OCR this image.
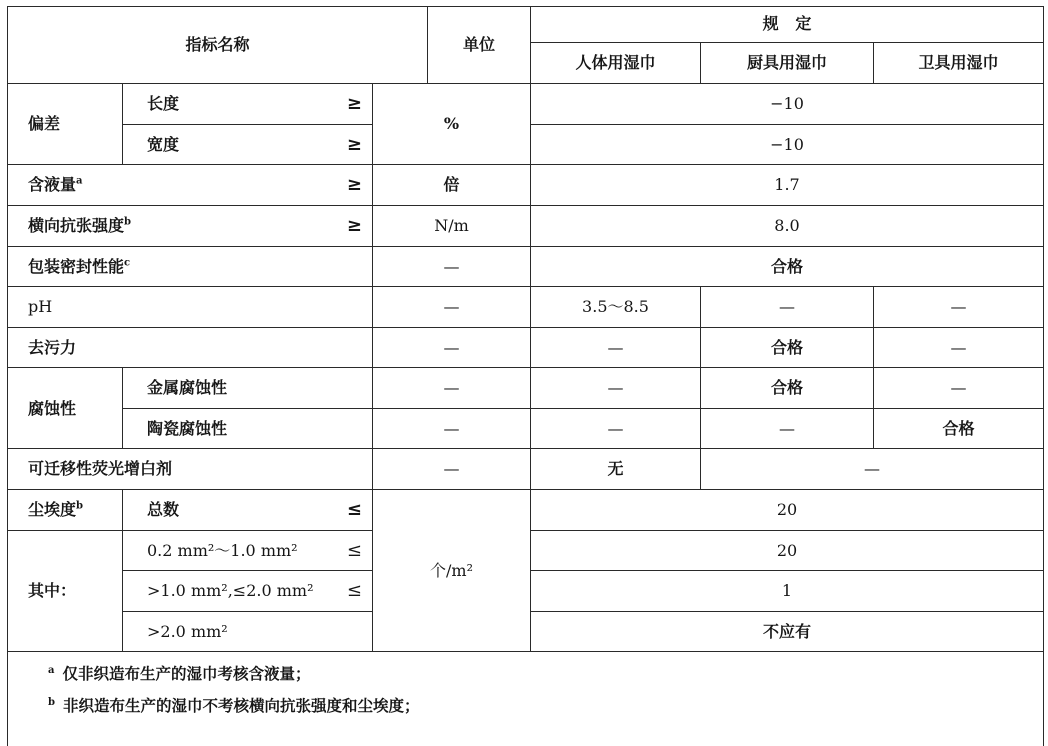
指标名称			单位	规   定		
				人体用湿巾	厨具用湿巾	卫具用湿巾
偏差	长度 ≥	%		−10		

	宽度 ≥			−10		

含液量$^a$ ≥		倍		1.7		

横向抗张强度$^b$ ≥		N/m		8.0		
包装密封性能$^c$		—		合格		
pH		—		3.5～8.5	—	—
去污力		—		—	合格	—
腐蚀性	金属腐蚀性	—		—	合格	—
	陶瓷腐蚀性	—		—	—	合格
可迁移性荧光增白剂		—		无	—	
尘埃度$^b$	总数 ≤	个/m²		20		
其中：	0.2 mm²～1.0 mm² ≤			20		

	>1.0 mm²,≤2.0 mm² ≤			1		
	>2.0 mm²			不应有		

$^a$ 仅非织造布生产的湿巾考核含液量；
$^b$ 非织造布生产的湿巾不考核横向抗张强度和尘埃度；						
